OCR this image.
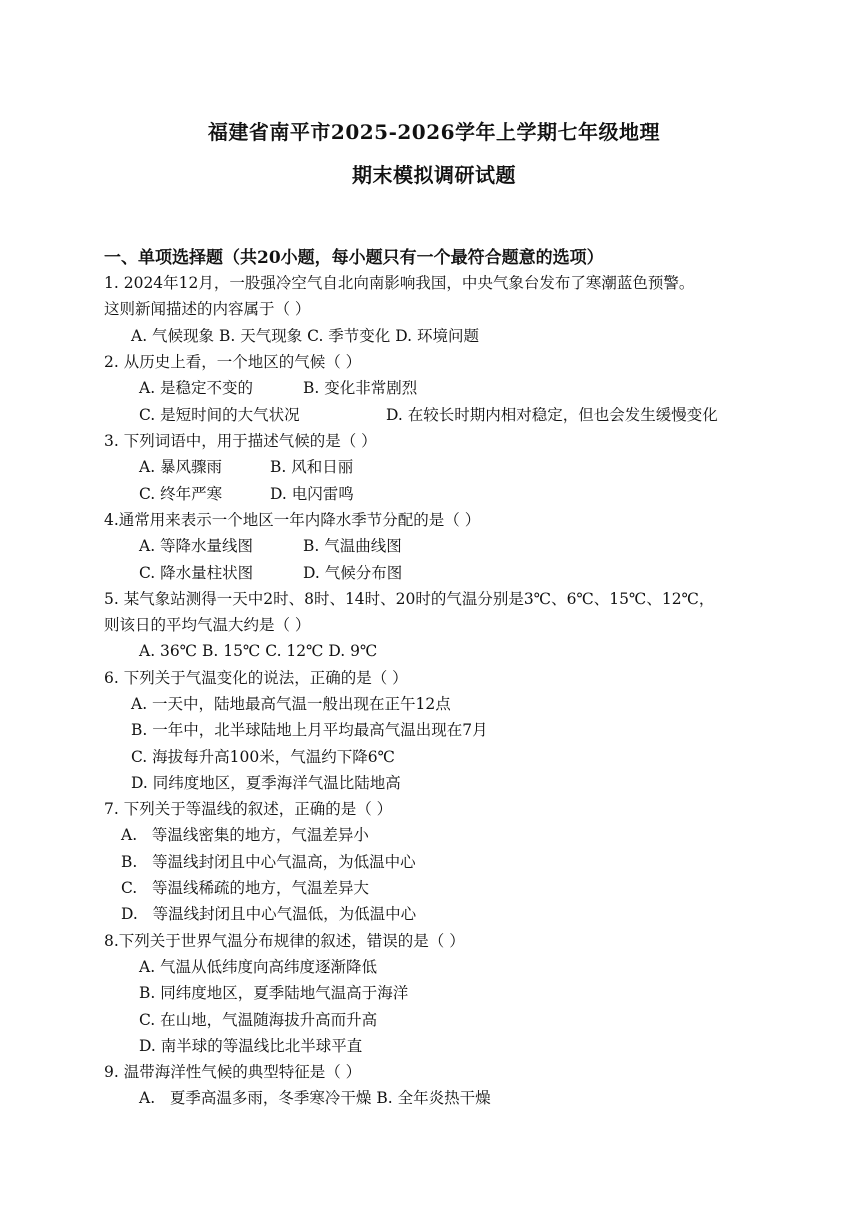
福建省南平市2025-2026学年上学期七年级地理
期末模拟调研试题
一、单项选择题（共20小题，每小题只有一个最符合题意的选项）
1. 2024年12月，一股强冷空气自北向南影响我国，中央气象台发布了寒潮蓝色预警。
这则新闻描述的内容属于（ ）
A. 气候现象 B. 天气现象 C. 季节变化 D. 环境问题
2. 从历史上看，一个地区的气候（ ）
A. 是稳定不变的	B. 变化非常剧烈
C. 是短时间的大气状况	D. 在较长时期内相对稳定，但也会发生缓慢变化
3. 下列词语中，用于描述气候的是（ ）
A. 暴风骤雨	B. 风和日丽
C. 终年严寒	D. 电闪雷鸣
4.通常用来表示一个地区一年内降水季节分配的是（ ）
A. 等降水量线图	B. 气温曲线图
C. 降水量柱状图	D. 气候分布图
5. 某气象站测得一天中2时、8时、14时、20时的气温分别是3℃、6℃、15℃、12℃，
则该日的平均气温大约是（ ）
A. 36℃ B. 15℃ C. 12℃ D. 9℃
6. 下列关于气温变化的说法，正确的是（ ）
A. 一天中，陆地最高气温一般出现在正午12点
B. 一年中，北半球陆地上月平均最高气温出现在7月
C. 海拔每升高100米，气温约下降6℃
D. 同纬度地区，夏季海洋气温比陆地高
7. 下列关于等温线的叙述，正确的是（ ）
A.   等温线密集的地方，气温差异小
B.   等温线封闭且中心气温高，为低温中心
C.   等温线稀疏的地方，气温差异大
D.   等温线封闭且中心气温低，为低温中心
8.下列关于世界气温分布规律的叙述，错误的是（ ）
A. 气温从低纬度向高纬度逐渐降低
B. 同纬度地区，夏季陆地气温高于海洋
C. 在山地，气温随海拔升高而升高
D. 南半球的等温线比北半球平直
9. 温带海洋性气候的典型特征是（ ）
A.   夏季高温多雨，冬季寒冷干燥 B. 全年炎热干燥
